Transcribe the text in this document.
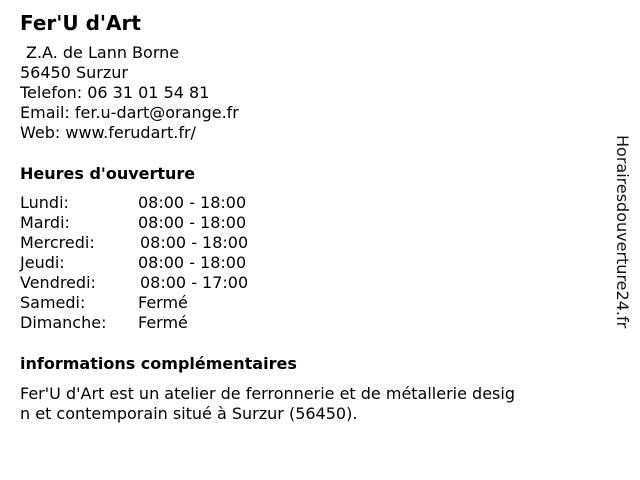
Fer'U d'Art
Z.A. de Lann Borne
56450 Surzur
Telefon: 06 31 01 54 81
Email: fer.u-dart@orange.fr
Web: www.ferudart.fr/
Heures d'ouverture
Lundi:	08:00 - 18:00
Mardi:	08:00 - 18:00
Mercredi:	08:00 - 18:00
Jeudi:	08:00 - 18:00
Vendredi:	08:00 - 17:00
Samedi:	Fermé
Dimanche: Fermé
informations complémentaires

Fer'U d'Art est un atelier de ferronnerie et de métallerie design et contemporain situé à Surzur (56450).

Horairesdouverture24.fr
